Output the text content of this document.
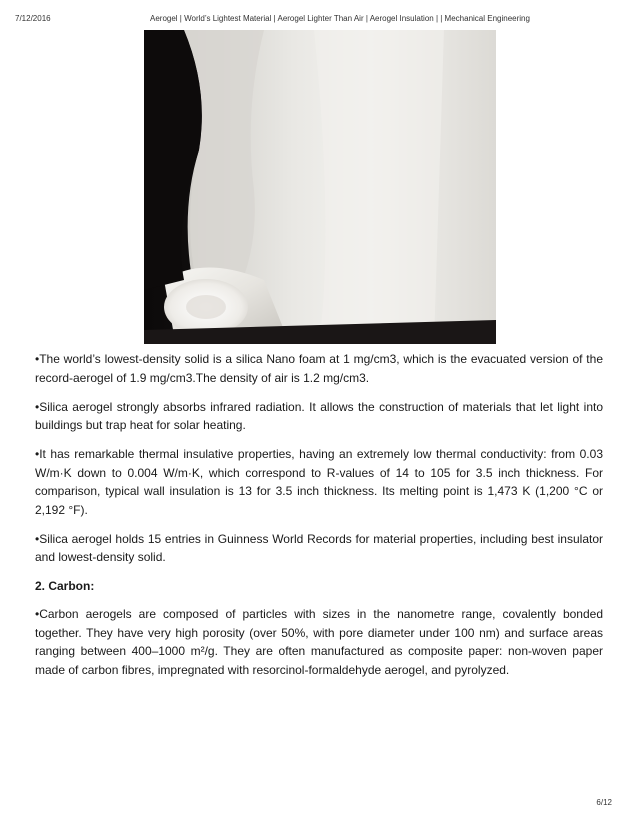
7/12/2016	Aerogel | World’s Lightest Material | Aerogel Lighter Than Air | Aerogel Insulation | | Mechanical Engineering

•The world’s lowest-density solid is a silica Nano foam at 1 mg/cm3, which is the evacuated version of the record-aerogel of 1.9 mg/cm3.The density of air is 1.2 mg/cm3.

•Silica aerogel strongly absorbs infrared radiation. It allows the construction of materials that let light into buildings but trap heat for solar heating.

•It has remarkable thermal insulative properties, having an extremely low thermal conductivity: from 0.03 W/m·K down to 0.004 W/m·K, which correspond to R-values of 14 to 105 for 3.5 inch thickness. For comparison, typical wall insulation is 13 for 3.5 inch thickness. Its melting point is 1,473 K (1,200 °C or 2,192 °F).

•Silica aerogel holds 15 entries in Guinness World Records for material properties, including best insulator and lowest-density solid.

2. Carbon:

•Carbon aerogels are composed of particles with sizes in the nanometre range, covalently bonded together. They have very high porosity (over 50%, with pore diameter under 100 nm) and surface areas ranging between 400–1000 m²/g. They are often manufactured as composite paper: non-woven paper made of carbon fibres, impregnated with resorcinol-formaldehyde aerogel, and pyrolyzed.

6/12
